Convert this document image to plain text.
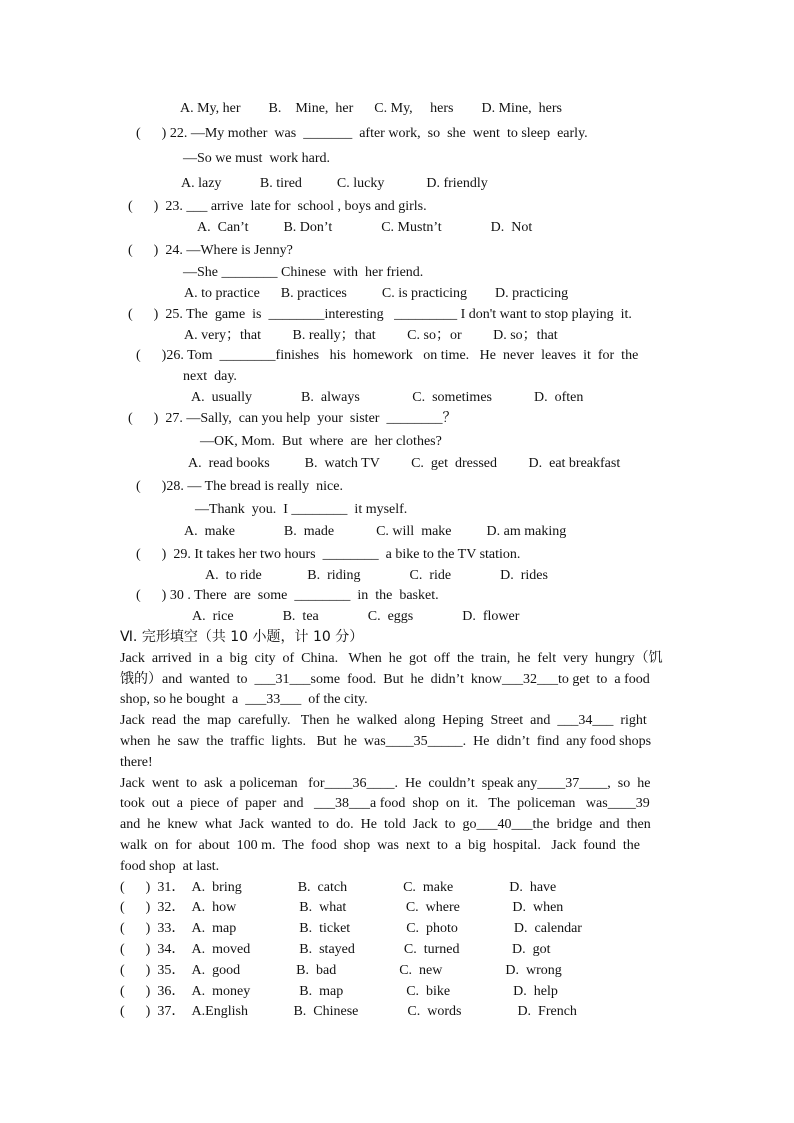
A. My, her        B.    Mine,  her      C. My,     hers        D. Mine,  hers
(      ) 22. —My mother  was  _______  after work,  so  she  went  to sleep  early.
—So we must  work hard.
A. lazy           B. tired          C. lucky            D. friendly
(      )  23. ___ arrive  late for  school , boys and girls.
A.  Can’t          B. Don’t              C. Mustn’t              D.  Not
(      )  24. —Where is Jenny?
—She ________ Chinese  with  her friend.
A. to practice      B. practices          C. is practicing        D. practicing
(      )  25. The  game  is  ________interesting   _________ I don't want to stop playing  it.
A. very；that         B. really；that         C. so；or         D. so；that
(      )26. Tom  ________finishes   his  homework   on time.   He  never  leaves  it  for  the
next  day.
A.  usually              B.  always               C.  sometimes            D.  often
(      )  27. —Sally,  can you help  your  sister  ________？
—OK, Mom.  But  where  are  her clothes?
A.  read books          B.  watch TV         C.  get  dressed         D.  eat breakfast
(      )28. — The bread is really  nice.
—Thank  you.  I ________  it myself.
A.  make              B.  made            C. will  make          D. am making
(      )  29. It takes her two hours  ________  a bike to the TV station.
A.  to ride             B.  riding              C.  ride              D.  rides
(      ) 30 . There  are  some  ________  in  the  basket.
A.  rice              B.  tea              C.  eggs              D.  flower
Ⅵ. 完形填空（共 10 小题，计 10 分）
Jack  arrived  in  a  big  city  of  China.   When  he  got  off  the  train,  he  felt  very  hungry（饥
饿的）and  wanted  to  ___31___some  food.  But  he  didn’t  know___32___to get  to  a food
shop, so he bought  a  ___33___  of the city.
Jack  read  the  map  carefully.   Then  he  walked  along  Heping  Street  and  ___34___  right
when  he  saw  the  traffic  lights.   But  he  was____35_____.  He  didn’t  find  any food shops
there!
Jack  went  to  ask  a policeman   for____36____.  He  couldn’t  speak any____37____,  so  he
took  out  a  piece  of  paper  and   ___38___a food  shop  on  it.   The  policeman   was____39
and  he  knew  what  Jack  wanted  to  do.  He  told  Jack  to  go___40___the  bridge  and  then
walk  on  for  about  100 m.  The  food  shop  was  next  to  a  big  hospital.   Jack  found  the
food shop  at last.
(      )  31．  A.  bring                B.  catch                C.  make                D.  have
(      )  32．  A.  how                  B.  what                 C.  where               D.  when
(      )  33．  A.  map                  B.  ticket                C.  photo                D.  calendar
(      )  34．  A.  moved              B.  stayed              C.  turned               D.  got
(      )  35．  A.  good                B.  bad                  C.  new                  D.  wrong
(      )  36．  A.  money              B.  map                  C.  bike                  D.  help
(      )  37．  A.English             B.  Chinese              C.  words                D.  French
